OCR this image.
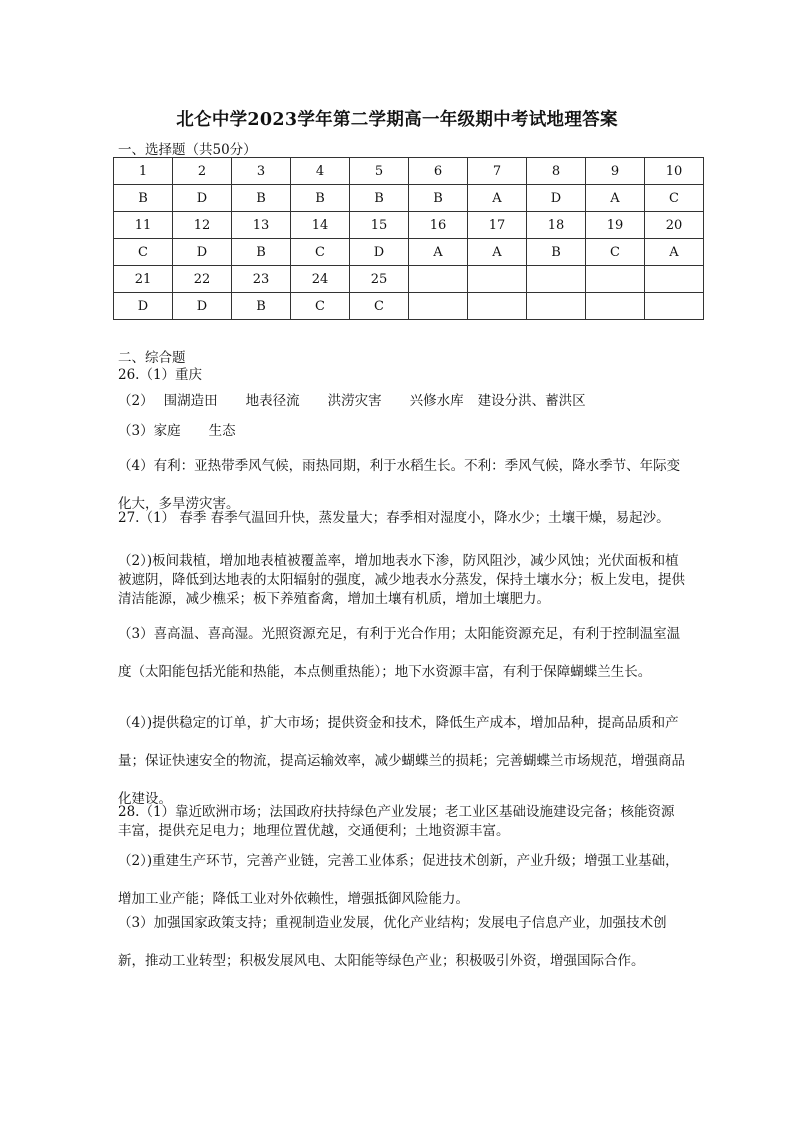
北仑中学2023学年第二学期高一年级期中考试地理答案
一、选择题（共50分）
1	2	3	4	5	6	7	8	9	10
B	D	B	B	B	B	A	D	A	C
11	12	13	14	15	16	17	18	19	20
C	D	B	C	D	A	A	B	C	A
21	22	23	24	25					
D	D	B	C	C					
二、综合题
26.（1）重庆
（2） 围湖造田 地表径流 洪涝灾害 兴修水库 建设分洪、蓄洪区
（3）家庭 生态
（4）有利：亚热带季风气候，雨热同期，利于水稻生长。不利：季风气候，降水季节、年际变化大，多旱涝灾害。
27.（1） 春季 春季气温回升快，蒸发量大；春季相对湿度小，降水少；土壤干燥，易起沙。
（2）)板间栽植，增加地表植被覆盖率，增加地表水下渗，防风阻沙，减少风蚀；光伏面板和植被遮阴，降低到达地表的太阳辐射的强度，减少地表水分蒸发，保持土壤水分；板上发电，提供清洁能源，减少樵采；板下养殖畜禽，增加土壤有机质，增加土壤肥力。
（3）喜高温、喜高湿。光照资源充足，有利于光合作用；太阳能资源充足，有利于控制温室温度（太阳能包括光能和热能，本点侧重热能）；地下水资源丰富，有利于保障蝴蝶兰生长。
（4）)提供稳定的订单，扩大市场；提供资金和技术，降低生产成本，增加品种，提高品质和产量；保证快速安全的物流，提高运输效率，减少蝴蝶兰的损耗；完善蝴蝶兰市场规范，增强商品化建设。
28.（1）靠近欧洲市场；法国政府扶持绿色产业发展；老工业区基础设施建设完备；核能资源丰富，提供充足电力；地理位置优越，交通便利；土地资源丰富。
（2）)重建生产环节，完善产业链，完善工业体系；促进技术创新，产业升级；增强工业基础，增加工业产能；降低工业对外依赖性，增强抵御风险能力。
（3）加强国家政策支持；重视制造业发展，优化产业结构；发展电子信息产业，加强技术创新，推动工业转型；积极发展风电、太阳能等绿色产业；积极吸引外资，增强国际合作。
